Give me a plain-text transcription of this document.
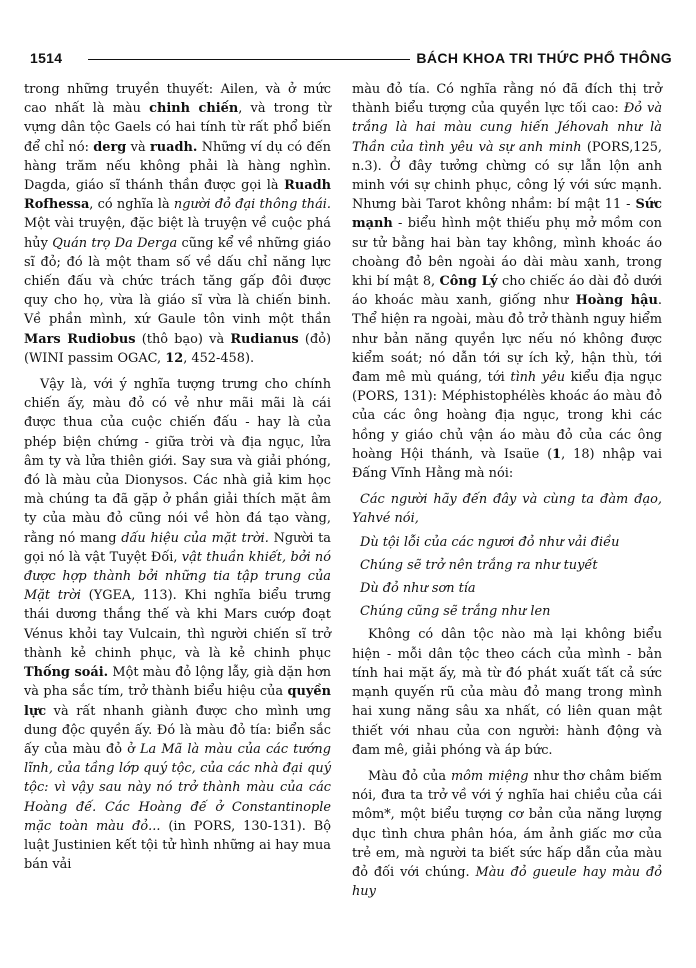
1514	BÁCH KHOA TRI THỨC PHỔ THÔNG

trong những truyền thuyết: Ailen, và ở mức cao nhất là màu chinh chiến, và trong từ vựng dân tộc Gaels có hai tính từ rất phổ biến để chỉ nó: derg và ruadh. Những ví dụ có đến hàng trăm nếu không phải là hàng nghìn. Dagda, giáo sĩ thánh thần được gọi là Ruadh Rofhessa, có nghĩa là người đỏ đại thông thái. Một vài truyện, đặc biệt là truyện về cuộc phá hủy Quán trọ Da Derga cũng kể về những giáo sĩ đỏ; đó là một tham số về dấu chỉ năng lực chiến đấu và chức trách tăng gấp đôi được quy cho họ, vừa là giáo sĩ vừa là chiến binh. Về phần mình, xứ Gaule tôn vinh một thần Mars Rudiobus (thô bạo) và Rudianus (đỏ) (WINI passim OGAC, 12, 452-458).

Vậy là, với ý nghĩa tượng trưng cho chính chiến ấy, màu đỏ có vẻ như mãi mãi là cái được thua của cuộc chiến đấu - hay là của phép biện chứng - giữa trời và địa ngục, lửa âm ty và lửa thiên giới. Say sưa và giải phóng, đó là màu của Dionysos. Các nhà giả kim học mà chúng ta đã gặp ở phần giải thích mặt âm ty của màu đỏ cũng nói về hòn đá tạo vàng, rằng nó mang dấu hiệu của mặt trời. Người ta gọi nó là vật Tuyệt Đối, vật thuần khiết, bởi nó được hợp thành bởi những tia tập trung của Mặt trời (YGEA, 113). Khi nghĩa biểu trưng thái dương thắng thế và khi Mars cướp đoạt Vénus khỏi tay Vulcain, thì người chiến sĩ trở thành kẻ chinh phục, và là kẻ chinh phục Thống soái. Một màu đỏ lộng lẫy, già dặn hơn và pha sắc tím, trở thành biểu hiệu của quyền lực và rất nhanh giành được cho mình ưng dung độc quyền ấy. Đó là màu đỏ tía: biển sắc ấy của màu đỏ ở La Mã là màu của các tướng lĩnh, của tầng lớp quý tộc, của các nhà đại quý tộc: vì vậy sau này nó trở thành màu của các Hoàng đế. Các Hoàng đế ở Constantinople mặc toàn màu đỏ... (in PORS, 130-131). Bộ luật Justinien kết tội tử hình những ai hay mua bán vải

màu đỏ tía. Có nghĩa rằng nó đã đích thị trở thành biểu tượng của quyền lực tối cao: Đỏ và trắng là hai màu cung hiến Jéhovah như là Thần của tình yêu và sự anh minh (PORS,125, n.3). Ở đây tưởng chừng có sự lẫn lộn anh minh với sự chinh phục, công lý với sức mạnh. Nhưng bài Tarot không nhầm: bí mật 11 - Sức mạnh - biểu hình một thiếu phụ mở mồm con sư tử bằng hai bàn tay không, mình khoác áo choàng đỏ bên ngoài áo dài màu xanh, trong khi bí mật 8, Công Lý cho chiếc áo dài đỏ dưới áo khoác màu xanh, giống như Hoàng hậu. Thể hiện ra ngoài, màu đỏ trở thành nguy hiểm như bản năng quyền lực nếu nó không được kiểm soát; nó dẫn tới sự ích kỷ, hận thù, tới đam mê mù quáng, tới tình yêu kiểu địa ngục (PORS, 131): Méphistophélès khoác áo màu đỏ của các ông hoàng địa ngục, trong khi các hồng y giáo chủ vận áo màu đỏ của các ông hoàng Hội thánh, và Isaüe (1, 18) nhập vai Đấng Vĩnh Hằng mà nói:

Các người hãy đến đây và cùng ta đàm đạo, Yahvé nói,

Dù tội lỗi của các ngươi đỏ như vải điều

Chúng sẽ trở nên trắng ra như tuyết

Dù đỏ như sơn tía

Chúng cũng sẽ trắng như len

Không có dân tộc nào mà lại không biểu hiện - mỗi dân tộc theo cách của mình - bản tính hai mặt ấy, mà từ đó phát xuất tất cả sức mạnh quyến rũ của màu đỏ mang trong mình hai xung năng sâu xa nhất, có liên quan mật thiết với nhau của con người: hành động và đam mê, giải phóng và áp bức.

Màu đỏ của môm miệng như thơ châm biếm nói, đưa ta trở về với ý nghĩa hai chiều của cái môm*, một biểu tượng cơ bản của năng lượng dục tình chưa phân hóa, ám ảnh giấc mơ của trẻ em, mà người ta biết sức hấp dẫn của màu đỏ đối với chúng. Màu đỏ gueule hay màu đỏ huy
